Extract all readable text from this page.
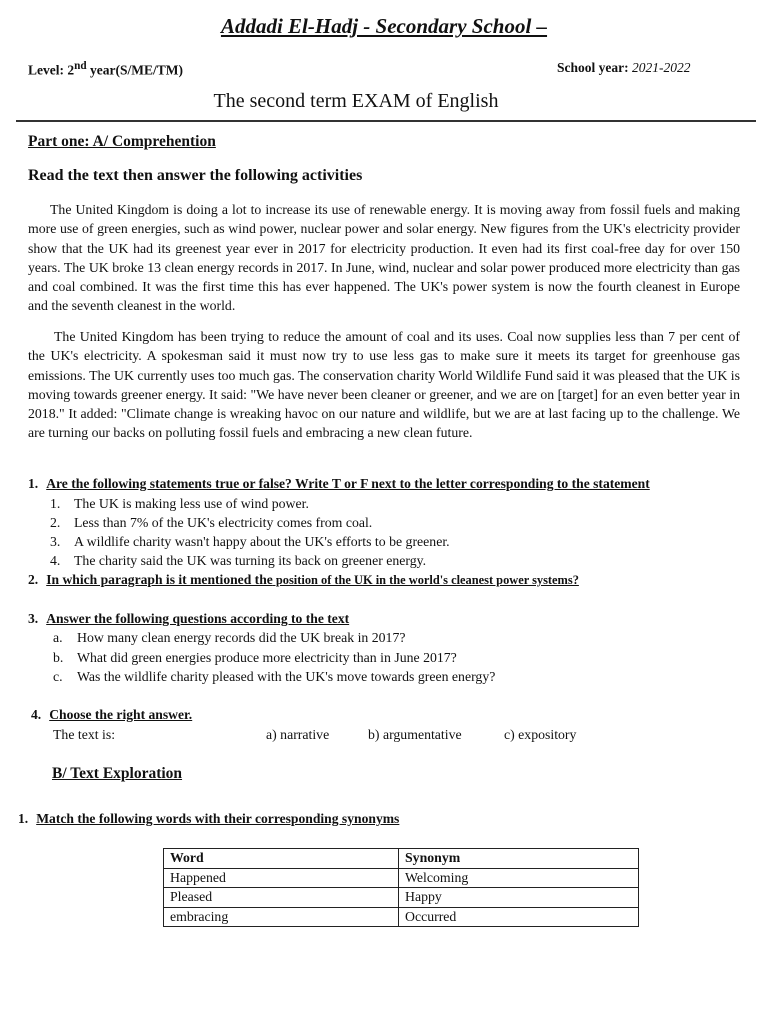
Addadi El-Hadj - Secondary School –
Level: 2nd year(S/ME/TM)	School year: 2021-2022
The second term EXAM of English
Part one: A/ Comprehention
Read the text then answer the following activities
The United Kingdom is doing a lot to increase its use of renewable energy. It is moving away from fossil fuels and making more use of green energies, such as wind power, nuclear power and solar energy. New figures from the UK's electricity provider show that the UK had its greenest year ever in 2017 for electricity production. It even had its first coal-free day for over 150 years. The UK broke 13 clean energy records in 2017. In June, wind, nuclear and solar power produced more electricity than gas and coal combined. It was the first time this has ever happened. The UK's power system is now the fourth cleanest in Europe and the seventh cleanest in the world.
The United Kingdom has been trying to reduce the amount of coal and its uses. Coal now supplies less than 7 per cent of the UK's electricity. A spokesman said it must now try to use less gas to make sure it meets its target for greenhouse gas emissions. The UK currently uses too much gas. The conservation charity World Wildlife Fund said it was pleased that the UK is moving towards greener energy. It said: "We have never been cleaner or greener, and we are on [target] for an even better year in 2018." It added: "Climate change is wreaking havoc on our nature and wildlife, but we are at last facing up to the challenge. We are turning our backs on polluting fossil fuels and embracing a new clean future.
1. Are the following statements true or false? Write T or F next to the letter corresponding to the statement
1. The UK is making less use of wind power.
2. Less than 7% of the UK's electricity comes from coal.
3. A wildlife charity wasn't happy about the UK's efforts to be greener.
4. The charity said the UK was turning its back on greener energy.
2. In which paragraph is it mentioned the position of the UK in the world's cleanest power systems?
3. Answer the following questions according to the text
a. How many clean energy records did the UK break in 2017?
b. What did green energies produce more electricity than in June 2017?
c. Was the wildlife charity pleased with the UK's move towards green energy?
4. Choose the right answer.
The text is:	a) narrative	b) argumentative	c) expository
B/ Text Exploration
1. Match the following words with their corresponding synonyms
Word	Synonym
Happened	Welcoming
Pleased	Happy
embracing	Occurred
